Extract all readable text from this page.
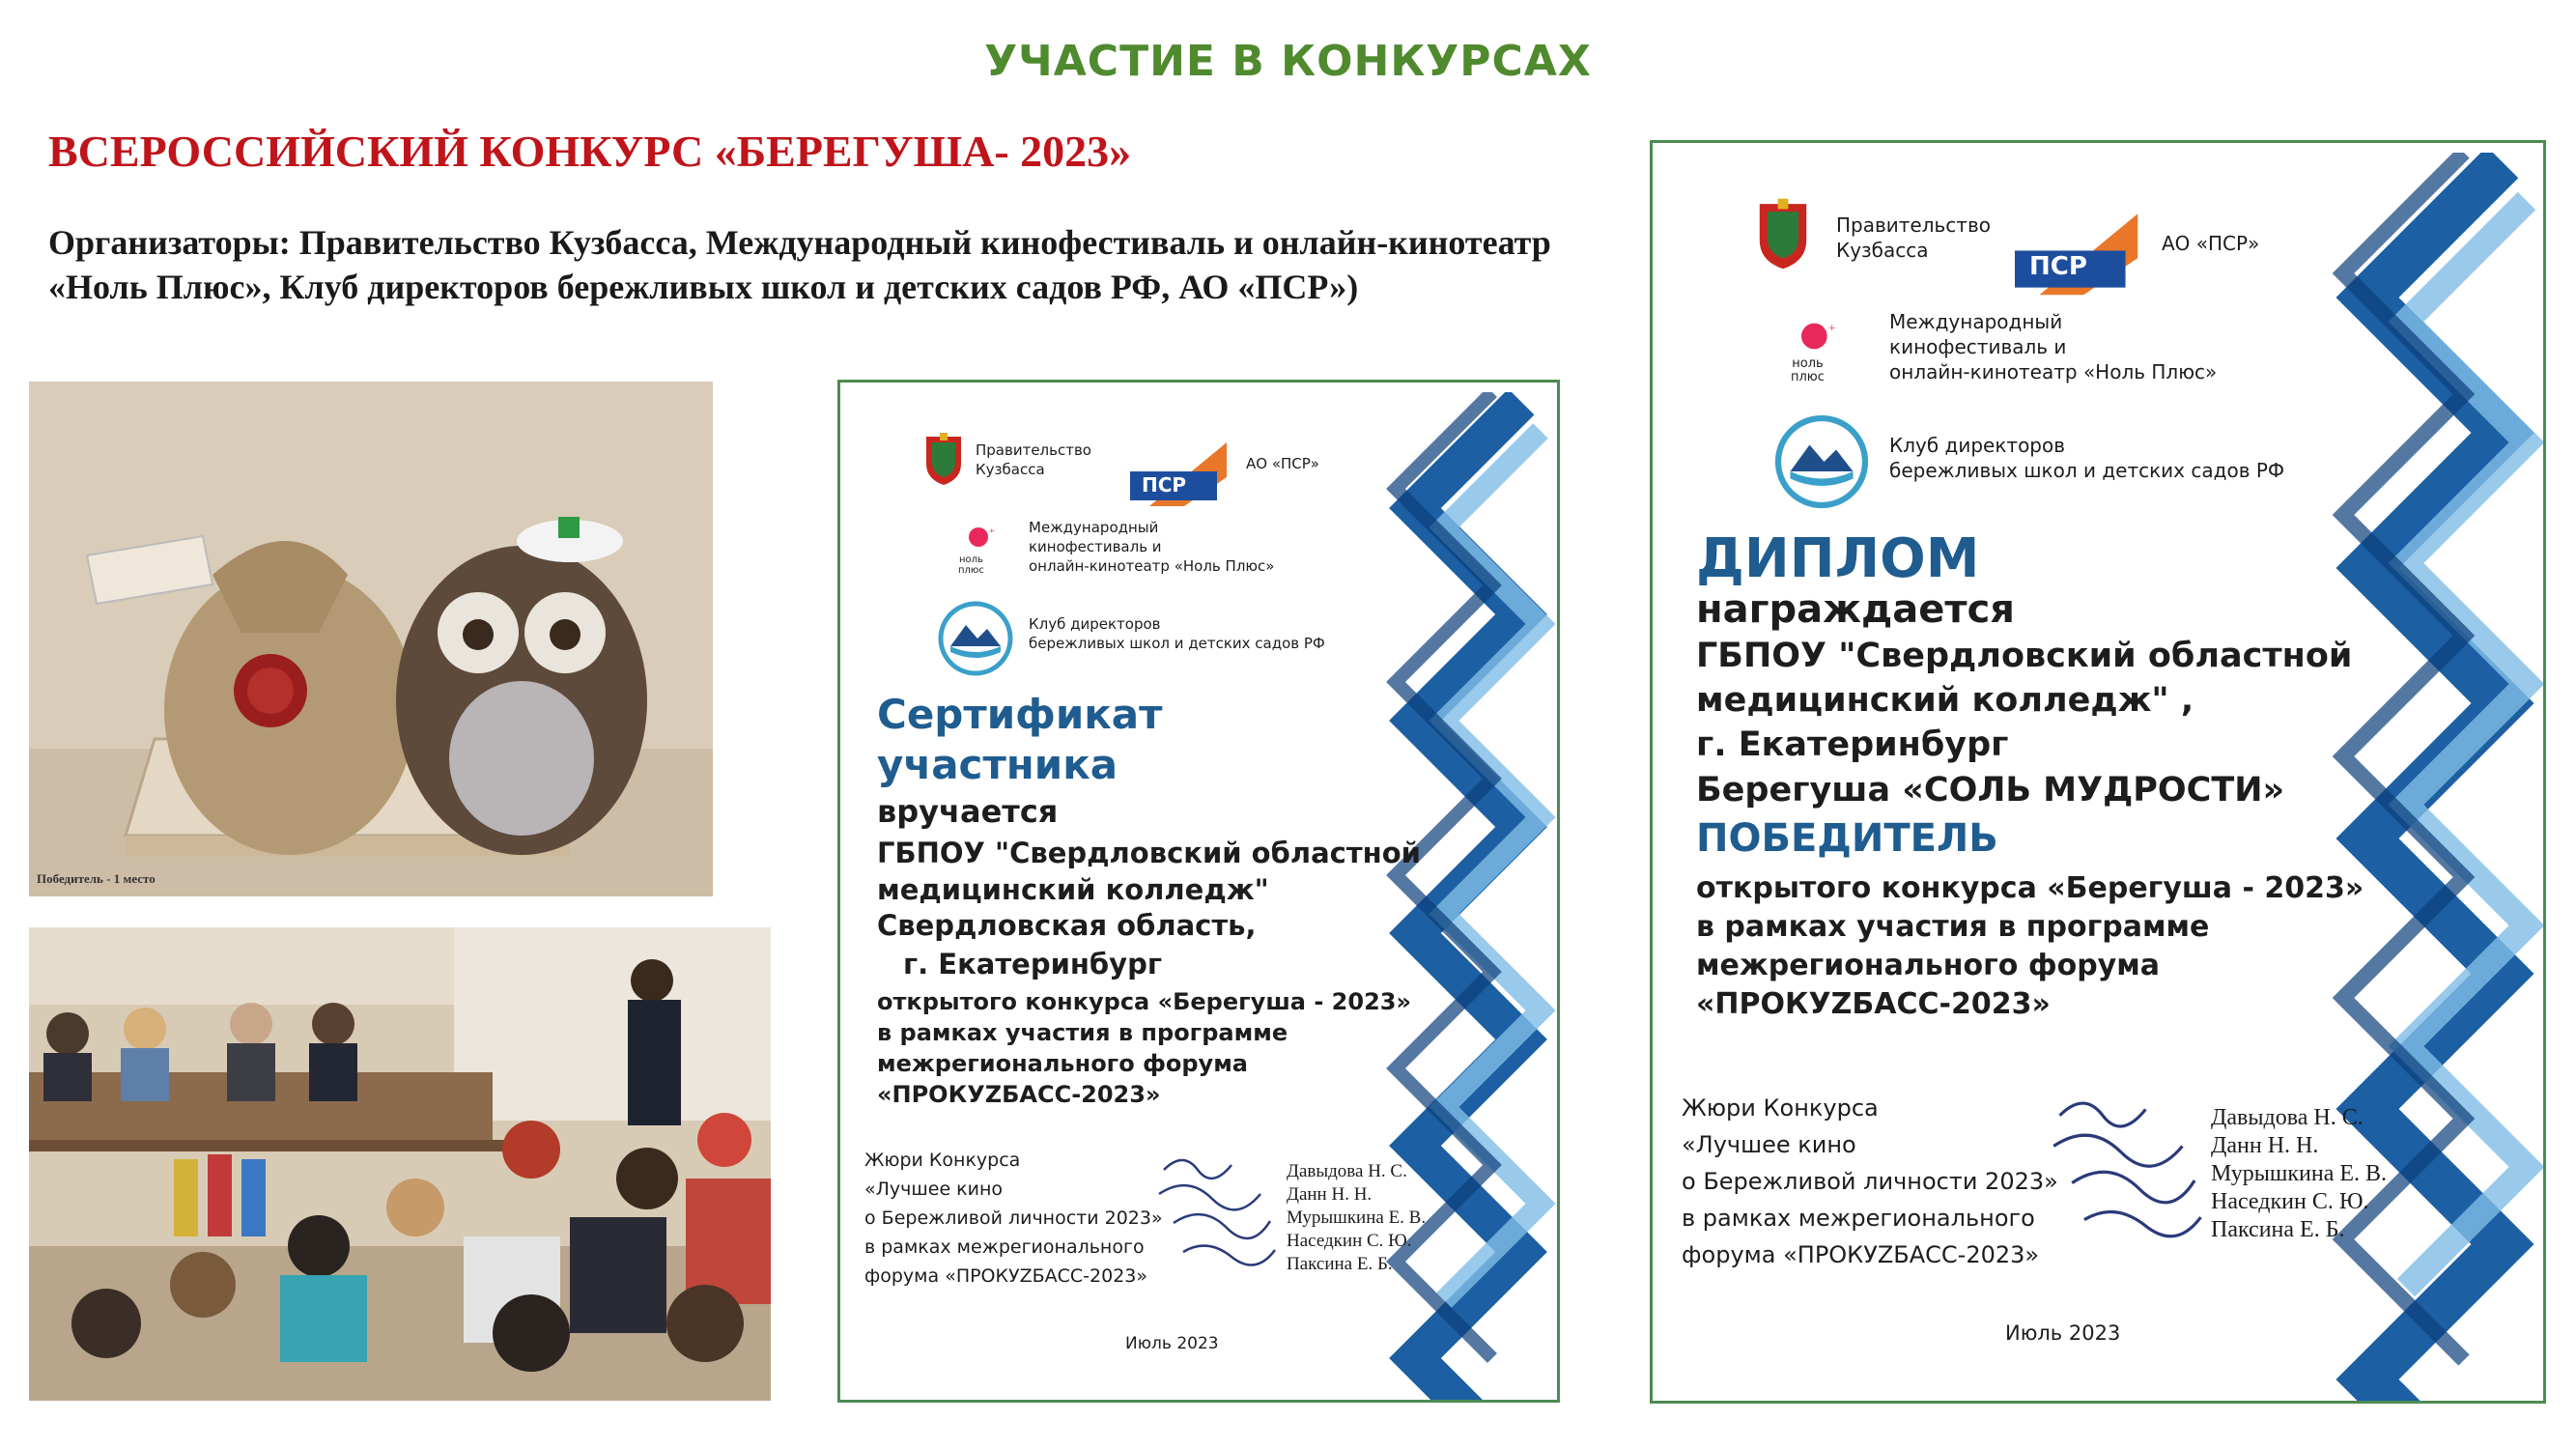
УЧАСТИЕ В КОНКУРСАХ
ВСЕРОССИЙСКИЙ КОНКУРС «БЕРЕГУША- 2023»
Организаторы: Правительство Кузбасса, Международный кинофестиваль и онлайн-кинотеатр «Ноль Плюс», Клуб директоров бережливых школ и детских садов РФ, АО «ПСР»)
Победитель - 1 место
Правительство
Кузбасса
ПСР
АО «ПСР»
+
ноль
плюс
Международный
кинофестиваль и
онлайн-кинотеатр «Ноль Плюс»
Клуб директоров
бережливых школ и детских садов РФ
Сертификат
участника
вручается
ГБПОУ "Свердловский областной
медицинский колледж"
Свердловская область,
г. Екатеринбург
открытого конкурса «Берегуша - 2023»
в рамках участия в программе
межрегионального форума
«ПРОКУZБАСС-2023»
Жюри Конкурса
«Лучшее кино
о Бережливой личности 2023»
в рамках межрегионального
форума «ПРОКУZБАСС-2023»
Давыдова Н. С.
Данн Н. Н.
Мурышкина Е. В.
Наседкин С. Ю.
Паксина Е. Б.
Июль 2023
Правительство
Кузбасса
ПСР
АО «ПСР»
+
ноль
плюс
Международный
кинофестиваль и
онлайн-кинотеатр «Ноль Плюс»
Клуб директоров
бережливых школ и детских садов РФ
ДИПЛОМ
награждается
ГБПОУ "Свердловский областной
медицинский колледж" ,
г. Екатеринбург
Берегуша «СОЛЬ МУДРОСТИ»
ПОБЕДИТЕЛЬ
открытого конкурса «Берегуша - 2023»
в рамках участия в программе
межрегионального форума
«ПРОКУZБАСС-2023»
Жюри Конкурса
«Лучшее кино
о Бережливой личности 2023»
в рамках межрегионального
форума «ПРОКУZБАСС-2023»
Давыдова Н. С.
Данн Н. Н.
Мурышкина Е. В.
Наседкин С. Ю.
Паксина Е. Б.
Июль 2023
